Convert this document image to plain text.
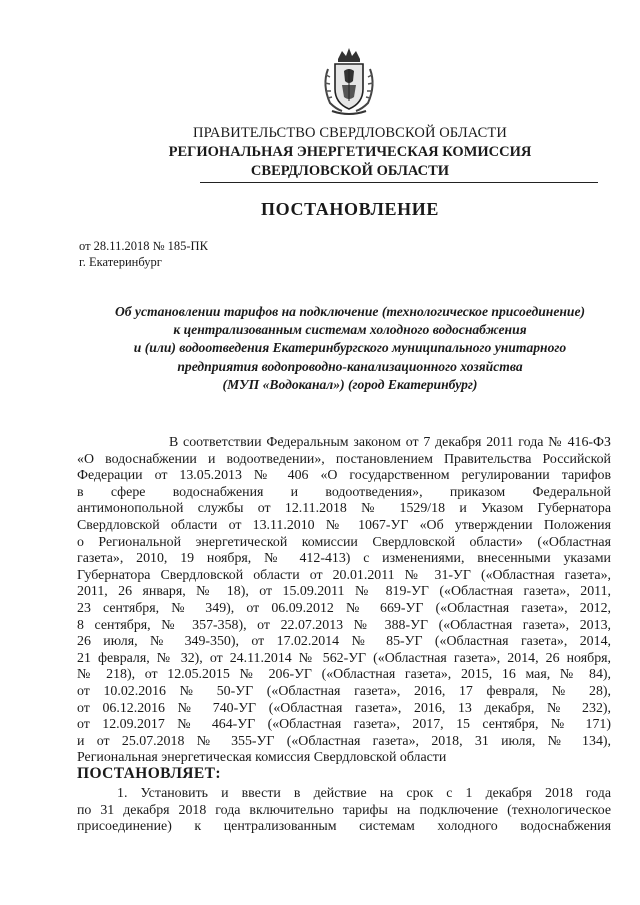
ПРАВИТЕЛЬСТВО СВЕРДЛОВСКОЙ ОБЛАСТИ
РЕГИОНАЛЬНАЯ ЭНЕРГЕТИЧЕСКАЯ КОМИССИЯ
СВЕРДЛОВСКОЙ ОБЛАСТИ
ПОСТАНОВЛЕНИЕ
от 28.11.2018 № 185-ПК
г. Екатеринбург
Об установлении тарифов на подключение (технологическое присоединение)
к централизованным системам холодного водоснабжения
и (или) водоотведения Екатеринбургского муниципального унитарного
предприятия водопроводно-канализационного хозяйства
(МУП «Водоканал») (город Екатеринбург)
В соответствии Федеральным законом от 7 декабря 2011 года № 416-ФЗ
«О водоснабжении и водоотведении», постановлением Правительства Российской
Федерации от 13.05.2013 № 406 «О государственном регулировании тарифов
в сфере водоснабжения и водоотведения», приказом Федеральной
антимонопольной службы от 12.11.2018 № 1529/18 и Указом Губернатора
Свердловской области от 13.11.2010 № 1067-УГ «Об утверждении Положения
о Региональной энергетической комиссии Свердловской области» («Областная
газета», 2010, 19 ноября, № 412-413) с изменениями, внесенными указами
Губернатора Свердловской области от 20.01.2011 № 31-УГ («Областная газета»,
2011, 26 января, № 18), от 15.09.2011 № 819-УГ («Областная газета», 2011,
23 сентября, № 349), от 06.09.2012 № 669-УГ («Областная газета», 2012,
8 сентября, № 357-358), от 22.07.2013 № 388-УГ («Областная газета», 2013,
26 июля, № 349-350), от 17.02.2014 № 85-УГ («Областная газета», 2014,
21 февраля, № 32), от 24.11.2014 № 562-УГ («Областная газета», 2014, 26 ноября,
№ 218), от 12.05.2015 № 206-УГ («Областная газета», 2015, 16 мая, № 84),
от 10.02.2016 № 50-УГ («Областная газета», 2016, 17 февраля, № 28),
от 06.12.2016 № 740-УГ («Областная газета», 2016, 13 декабря, № 232),
от 12.09.2017 № 464-УГ («Областная газета», 2017, 15 сентября, № 171)
и от 25.07.2018 № 355-УГ («Областная газета», 2018, 31 июля, № 134),
Региональная энергетическая комиссия Свердловской области
ПОСТАНОВЛЯЕТ:
1. Установить и ввести в действие на срок с 1 декабря 2018 года
по 31 декабря 2018 года включительно тарифы на подключение (технологическое
присоединение) к централизованным системам холодного водоснабжения
